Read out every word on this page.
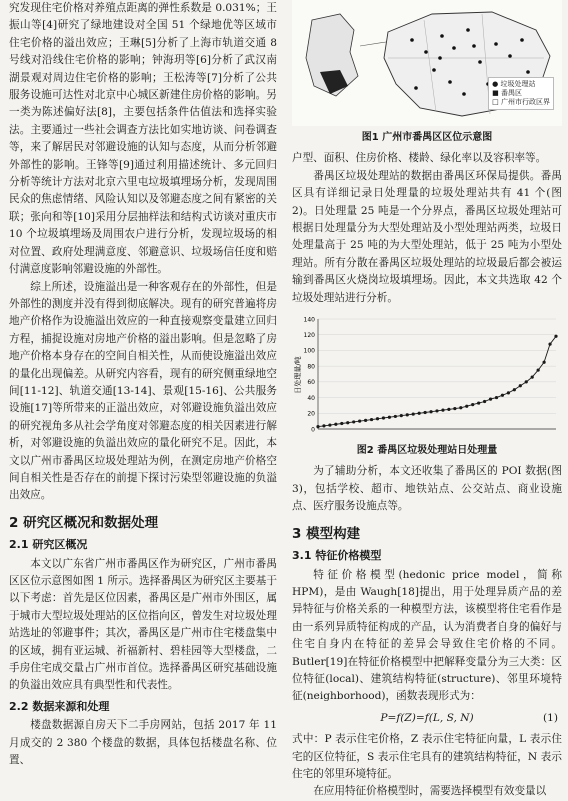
究发现住宅价格对养殖点距离的弹性系数是 0.031%；王振山等[4]研究了绿地建设对全国 51 个绿地优等区域市住宅价格的溢出效应；王琳[5]分析了上海市轨道交通 8 号线对沿线住宅价格的影响；钟海玥等[6]分析了武汉南湖景观对周边住宅价格的影响；王松涛等[7]分析了公共服务设施可达性对北京中心城区新建住房价格的影响。另一类为陈述偏好法[8]，主要包括条件估值法和选择实验法。主要通过一些社会调查方法比如实地访谈、问卷调查等，来了解居民对邻避设施的认知与态度，从而分析邻避外部性的影响。王锋等[9]通过利用描述统计、多元回归分析等统计方法对北京六里屯垃圾填埋场分析，发现周围民众的焦虑情绪、风险认知以及邻避态度之间有紧密的关联；张向和等[10]采用分层抽样法和结构式访谈对重庆市 10 个垃圾填埋场及周围农户进行分析，发现垃圾场的相对位置、政府处理满意度、邻避意识、垃圾场信任度和赔付满意度影响邻避设施的外部性。

综上所述，设施溢出是一种客观存在的外部性，但是外部性的测度并没有得到彻底解决。现有的研究普遍将房地产价格作为设施溢出效应的一种直接观察变量建立回归方程，捕捉设施对房地产价格的溢出影响。但是忽略了房地产价格本身存在的空间自相关性，从而使设施溢出效应的量化出现偏差。从研究内容看，现有的研究侧重绿地空间[11-12]、轨道交通[13-14]、景观[15-16]、公共服务设施[17]等所带来的正溢出效应，对邻避设施负溢出效应的研究视角多从社会学角度对邻避态度的相关因素进行解析，对邻避设施的负溢出效应的量化研究不足。因此，本文以广州市番禺区垃圾处理站为例，在测定房地产价格空间自相关性是否存在的前提下探讨污染型邻避设施的负溢出效应。

2 研究区概况和数据处理
2.1 研究区概况

本文以广东省广州市番禺区作为研究区，广州市番禺区区位示意图如图 1 所示。选择番禺区为研究区主要基于以下考虑：首先是区位因素，番禺区是广州市外围区，属于城市大型垃圾处理站的区位指向区，曾发生对垃圾处理站选址的邻避事件；其次，番禺区是广州市住宅楼盘集中的区域，拥有亚运城、祈福新村、碧桂园等大型楼盘，二手房住宅成交量占广州市首位。选择番禺区研究基础设施的负溢出效应具有典型性和代表性。

2.2 数据来源和处理

楼盘数据源自房天下二手房网站，包括 2017 年 11 月成交的 2 380 个楼盘的数据，具体包括楼盘名称、位置、

● 垃圾处理站
■ 番禺区
□ 广州市行政区界
图1 广州市番禺区区位示意图

户型、面积、住房价格、楼龄、绿化率以及容积率等。

番禺区垃圾处理站的数据由番禺区环保局提供。番禺区具有详细记录日处理量的垃圾处理站共有 41 个(图 2)。日处理量 25 吨是一个分界点，番禺区垃圾处理站可根据日处理量分为大型处理站及小型处理站两类，垃圾日处理量高于 25 吨的为大型处理站，低于 25 吨为小型处理站。所有分散在番禺区垃圾处理站的垃圾最后都会被运输到番禺区火烧岗垃圾填埋场。因此，本文共选取 42 个垃圾处理站进行分析。

日处理量/吨
0
20
40
60
80
100
120
140
图2 番禺区垃圾处理站日处理量

为了辅助分析，本文还收集了番禺区的 POI 数据(图 3)，包括学校、超市、地铁站点、公交站点、商业设施点、医疗服务设施点等。

3 模型构建
3.1 特征价格模型

特征价格模型(hedonic price model，简称 HPM)，是由 Waugh[18]提出，用于处理异质产品的差异特征与价格关系的一种模型方法，该模型将住宅看作是由一系列异质特征构成的产品，认为消费者自身的偏好与住宅自身内在特征的差异会导致住宅价格的不同。Butler[19]在特征价格模型中把解释变量分为三大类：区位特征(local)、建筑结构特征(structure)、邻里环境特征(neighborhood)，函数表现形式为：

P=f(Z)=f(L, S, N)	(1)

式中：P 表示住宅价格，Z 表示住宅特征向量，L 表示住宅的区位特征，S 表示住宅具有的建筑结构特征，N 表示住宅的邻里环境特征。

在应用特征价格模型时，需要选择模型有效变量以
